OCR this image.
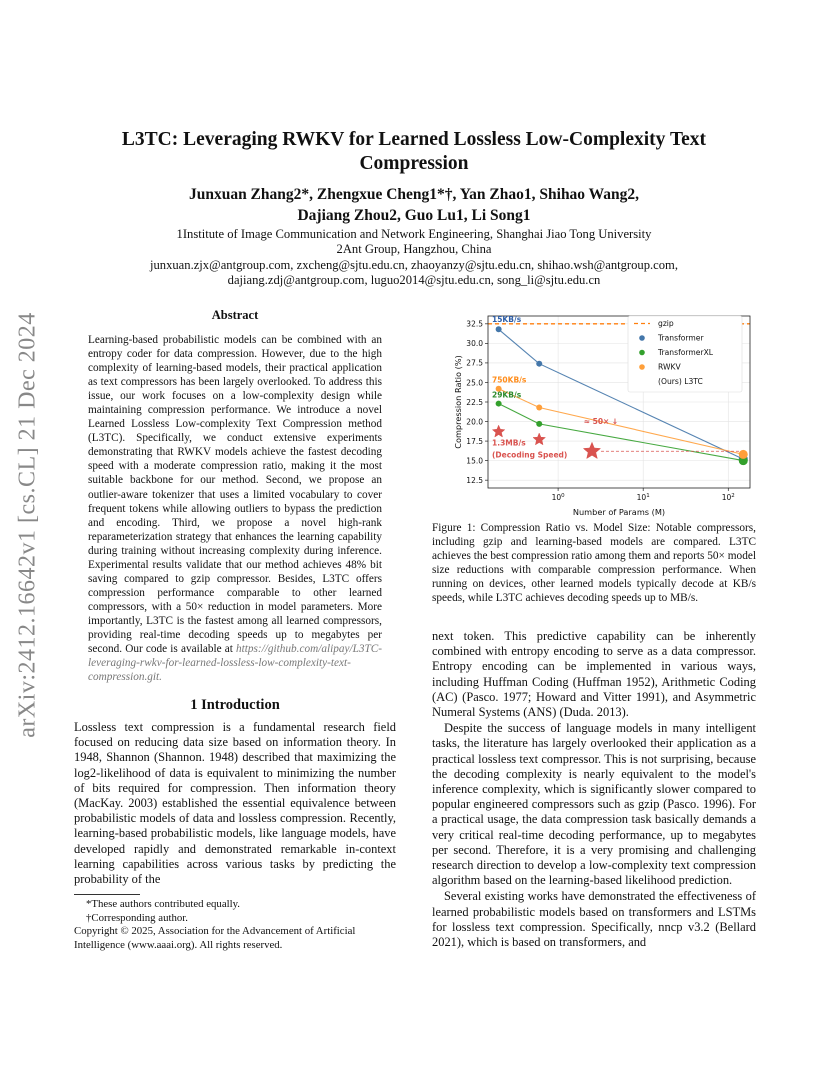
arXiv:2412.16642v1 [cs.CL] 21 Dec 2024
L3TC: Leveraging RWKV for Learned Lossless Low-Complexity Text Compression
Junxuan Zhang2*, Zhengxue Cheng1*†, Yan Zhao1, Shihao Wang2,
Dajiang Zhou2, Guo Lu1, Li Song1
1Institute of Image Communication and Network Engineering, Shanghai Jiao Tong University
2Ant Group, Hangzhou, China
junxuan.zjx@antgroup.com, zxcheng@sjtu.edu.cn, zhaoyanzy@sjtu.edu.cn, shihao.wsh@antgroup.com,
dajiang.zdj@antgroup.com, luguo2014@sjtu.edu.cn, song_li@sjtu.edu.cn
Abstract
Learning-based probabilistic models can be combined with an entropy coder for data compression. However, due to the high complexity of learning-based models, their practical application as text compressors has been largely overlooked. To address this issue, our work focuses on a low-complexity design while maintaining compression performance. We introduce a novel Learned Lossless Low-complexity Text Compression method (L3TC). Specifically, we conduct extensive experiments demonstrating that RWKV models achieve the fastest decoding speed with a moderate compression ratio, making it the most suitable backbone for our method. Second, we propose an outlier-aware tokenizer that uses a limited vocabulary to cover frequent tokens while allowing outliers to bypass the prediction and encoding. Third, we propose a novel high-rank reparameterization strategy that enhances the learning capability during training without increasing complexity during inference. Experimental results validate that our method achieves 48% bit saving compared to gzip compressor. Besides, L3TC offers compression performance comparable to other learned compressors, with a 50× reduction in model parameters. More importantly, L3TC is the fastest among all learned compressors, providing real-time decoding speeds up to megabytes per second. Our code is available at https://github.com/alipay/L3TC-leveraging-rwkv-for-learned-lossless-low-complexity-text-compression.git.
1 Introduction
Lossless text compression is a fundamental research field focused on reducing data size based on information theory. In 1948, Shannon (Shannon. 1948) described that maximizing the log2-likelihood of data is equivalent to minimizing the number of bits required for compression. Then information theory (MacKay. 2003) established the essential equivalence between probabilistic models of data and lossless compression. Recently, learning-based probabilistic models, like language models, have developed rapidly and demonstrated remarkable in-context learning capabilities across various tasks by predicting the probability of the
*These authors contributed equally.
†Corresponding author.
Copyright © 2025, Association for the Advancement of Artificial Intelligence (www.aaai.org). All rights reserved.
12.5
15.0
17.5
20.0
22.5
25.0
27.5
30.0
32.5
$10^0$	$10^1$	$10^2$
Number of Params (M)
Compression Ratio (%)
15KB/s
750KB/s
29KB/s
1.3MB/s
(Decoding Speed)
≈ 50× ↓
gzip
Transformer
TransformerXL
RWKV
(Ours) L3TC
Figure 1: Compression Ratio vs. Model Size: Notable compressors, including gzip and learning-based models are compared. L3TC achieves the best compression ratio among them and reports 50× model size reductions with comparable compression performance. When running on devices, other learned models typically decode at KB/s speeds, while L3TC achieves decoding speeds up to MB/s.

next token. This predictive capability can be inherently combined with entropy encoding to serve as a data compressor. Entropy encoding can be implemented in various ways, including Huffman Coding (Huffman 1952), Arithmetic Coding (AC) (Pasco. 1977; Howard and Vitter 1991), and Asymmetric Numeral Systems (ANS) (Duda. 2013).

Despite the success of language models in many intelligent tasks, the literature has largely overlooked their application as a practical lossless text compressor. This is not surprising, because the decoding complexity is nearly equivalent to the model's inference complexity, which is significantly slower compared to popular engineered compressors such as gzip (Pasco. 1996). For a practical usage, the data compression task basically demands a very critical real-time decoding performance, up to megabytes per second. Therefore, it is a very promising and challenging research direction to develop a low-complexity text compression algorithm based on the learning-based likelihood prediction.

Several existing works have demonstrated the effectiveness of learned probabilistic models based on transformers and LSTMs for lossless text compression. Specifically, nncp v3.2 (Bellard 2021), which is based on transformers, and
